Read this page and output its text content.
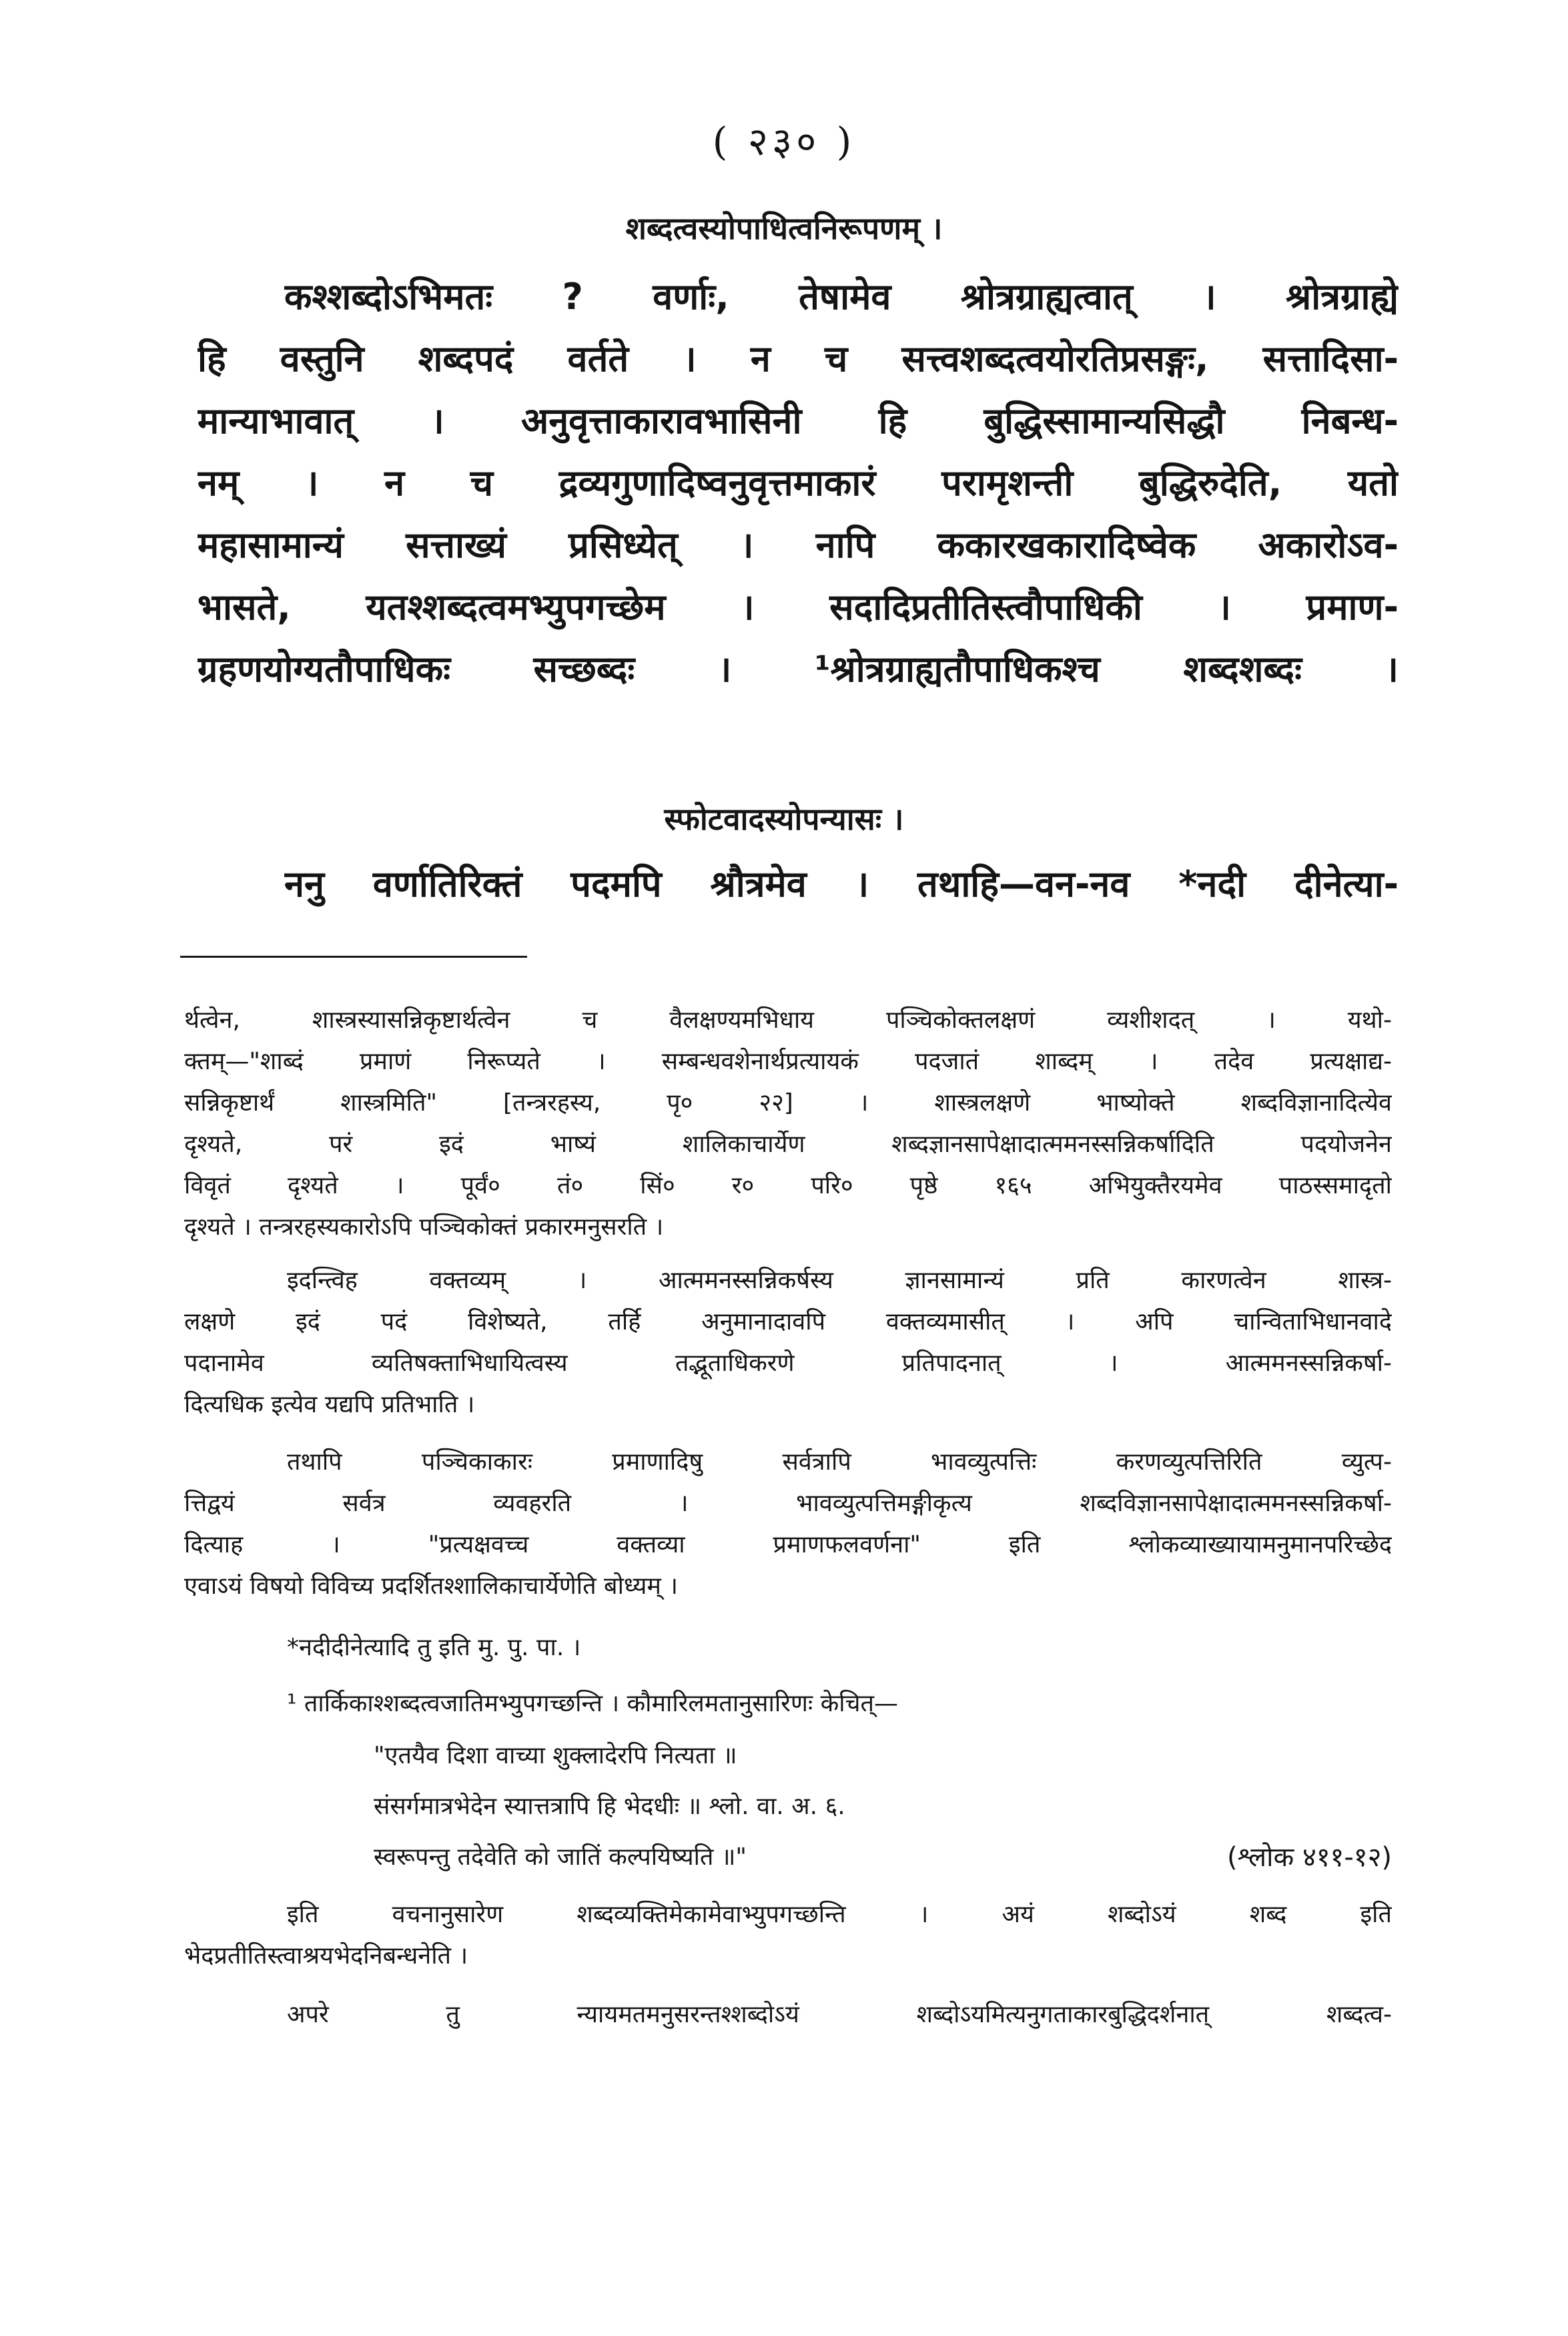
( २३० )
शब्दत्वस्योपाधित्वनिरूपणम् ।
कश्शब्दोऽभिमतः ? वर्णाः, तेषामेव श्रोत्रग्राह्यत्वात् । श्रोत्रग्राह्ये
हि वस्तुनि शब्दपदं वर्तते । न च सत्त्वशब्दत्वयोरतिप्रसङ्गः, सत्तादिसा-
मान्याभावात् । अनुवृत्ताकारावभासिनी हि बुद्धिस्सामान्यसिद्धौ निबन्ध-
नम् । न च द्रव्यगुणादिष्वनुवृत्तमाकारं परामृशन्ती बुद्धिरुदेति, यतो
महासामान्यं सत्ताख्यं प्रसिध्येत् । नापि ककारखकारादिष्वेक अकारोऽव-
भासते, यतश्शब्दत्वमभ्युपगच्छेम । सदादिप्रतीतिस्त्वौपाधिकी । प्रमाण-
ग्रहणयोग्यतौपाधिकः सच्छब्दः । ¹श्रोत्रग्राह्यतौपाधिकश्च शब्दशब्दः ।
स्फोटवादस्योपन्यासः ।
ननु वर्णातिरिक्तं पदमपि श्रौत्रमेव । तथाहि—वन-नव *नदी दीनेत्या-
र्थत्वेन, शास्त्रस्यासन्निकृष्टार्थत्वेन च वैलक्षण्यमभिधाय पञ्चिकोक्तलक्षणं व्यशीशदत् । यथो-
क्तम्—"शाब्दं प्रमाणं निरूप्यते । सम्बन्धवशेनार्थप्रत्यायकं पदजातं शाब्दम् । तदेव प्रत्यक्षाद्य-
सन्निकृष्टार्थं शास्त्रमिति" [तन्त्ररहस्य, पृ० २२] । शास्त्रलक्षणे भाष्योक्ते शब्दविज्ञानादित्येव
दृश्यते, परं इदं भाष्यं शालिकाचार्येण शब्दज्ञानसापेक्षादात्ममनस्सन्निकर्षादिति पदयोजनेन
विवृतं दृश्यते । पूर्वं० तं० सिं० र० परि० पृष्ठे १६५ अभियुक्तैरयमेव पाठस्समादृतो
दृश्यते । तन्त्ररहस्यकारोऽपि पञ्चिकोक्तं प्रकारमनुसरति ।
इदन्त्विह वक्तव्यम् । आत्ममनस्सन्निकर्षस्य ज्ञानसामान्यं प्रति कारणत्वेन शास्त्र-
लक्षणे इदं पदं विशेष्यते, तर्हि अनुमानादावपि वक्तव्यमासीत् । अपि चान्विताभिधानवादे
पदानामेव व्यतिषक्ताभिधायित्वस्य तद्भूताधिकरणे प्रतिपादनात् । आत्ममनस्सन्निकर्षा-
दित्यधिक इत्येव यद्यपि प्रतिभाति ।
तथापि पञ्चिकाकारः प्रमाणादिषु सर्वत्रापि भावव्युत्पत्तिः करणव्युत्पत्तिरिति व्युत्प-
त्तिद्वयं सर्वत्र व्यवहरति । भावव्युत्पत्तिमङ्गीकृत्य शब्दविज्ञानसापेक्षादात्ममनस्सन्निकर्षा-
दित्याह । "प्रत्यक्षवच्च वक्तव्या प्रमाणफलवर्णना" इति श्लोकव्याख्यायामनुमानपरिच्छेद
एवाऽयं विषयो विविच्य प्रदर्शितश्शालिकाचार्येणेति बोध्यम् ।
*नदीदीनेत्यादि तु इति मु. पु. पा. ।
¹ तार्किकाश्शब्दत्वजातिमभ्युपगच्छन्ति । कौमारिलमतानुसारिणः केचित्—
"एतयैव दिशा वाच्या शुक्लादेरपि नित्यता ॥
संसर्गमात्रभेदेन स्यात्तत्रापि हि भेदधीः ॥ श्लो. वा. अ. ६.
स्वरूपन्तु तदेवेति को जातिं कल्पयिष्यति ॥"	(श्लोक ४११-१२)
इति वचनानुसारेण शब्दव्यक्तिमेकामेवाभ्युपगच्छन्ति । अयं शब्दोऽयं शब्द इति
भेदप्रतीतिस्त्वाश्रयभेदनिबन्धनेति ।
अपरे तु न्यायमतमनुसरन्तश्शब्दोऽयं शब्दोऽयमित्यनुगताकारबुद्धिदर्शनात् शब्दत्व-
